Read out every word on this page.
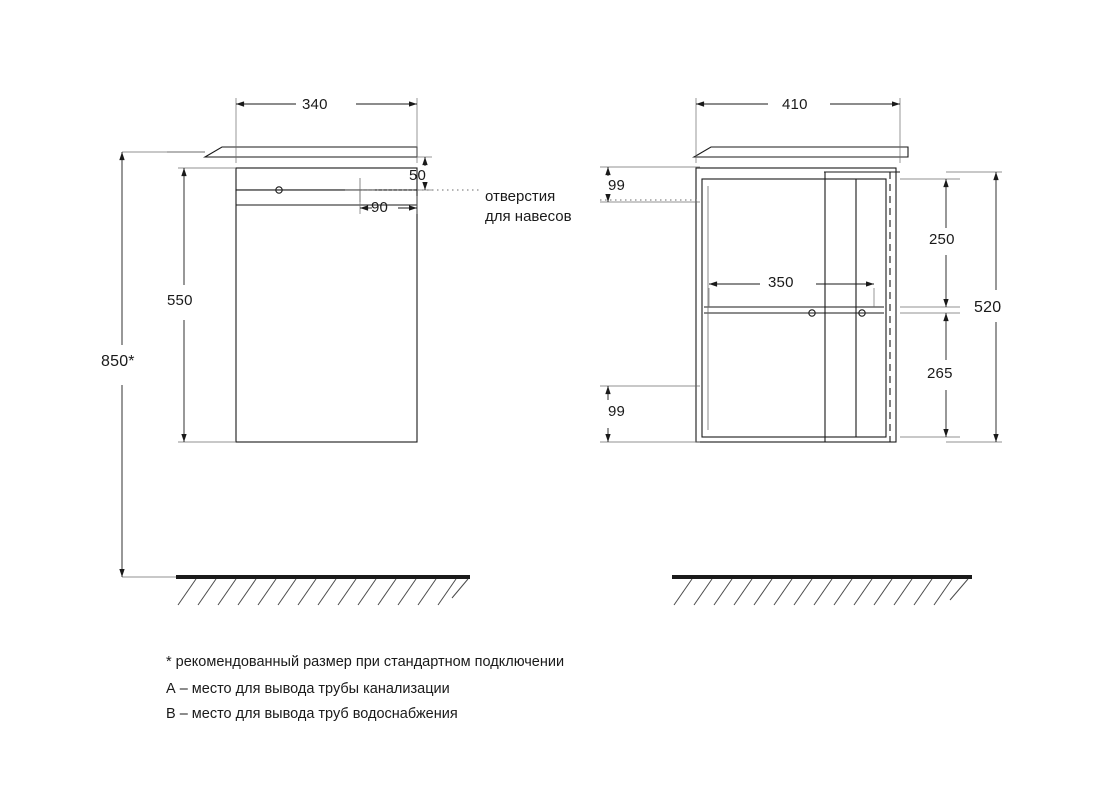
340
50
90
550
850*
410
99
99
350
250
265
520
отверстия
для навесов
* рекомендованный размер при стандартном подключении
А – место для вывода трубы канализации
В – место для вывода труб водоснабжения
